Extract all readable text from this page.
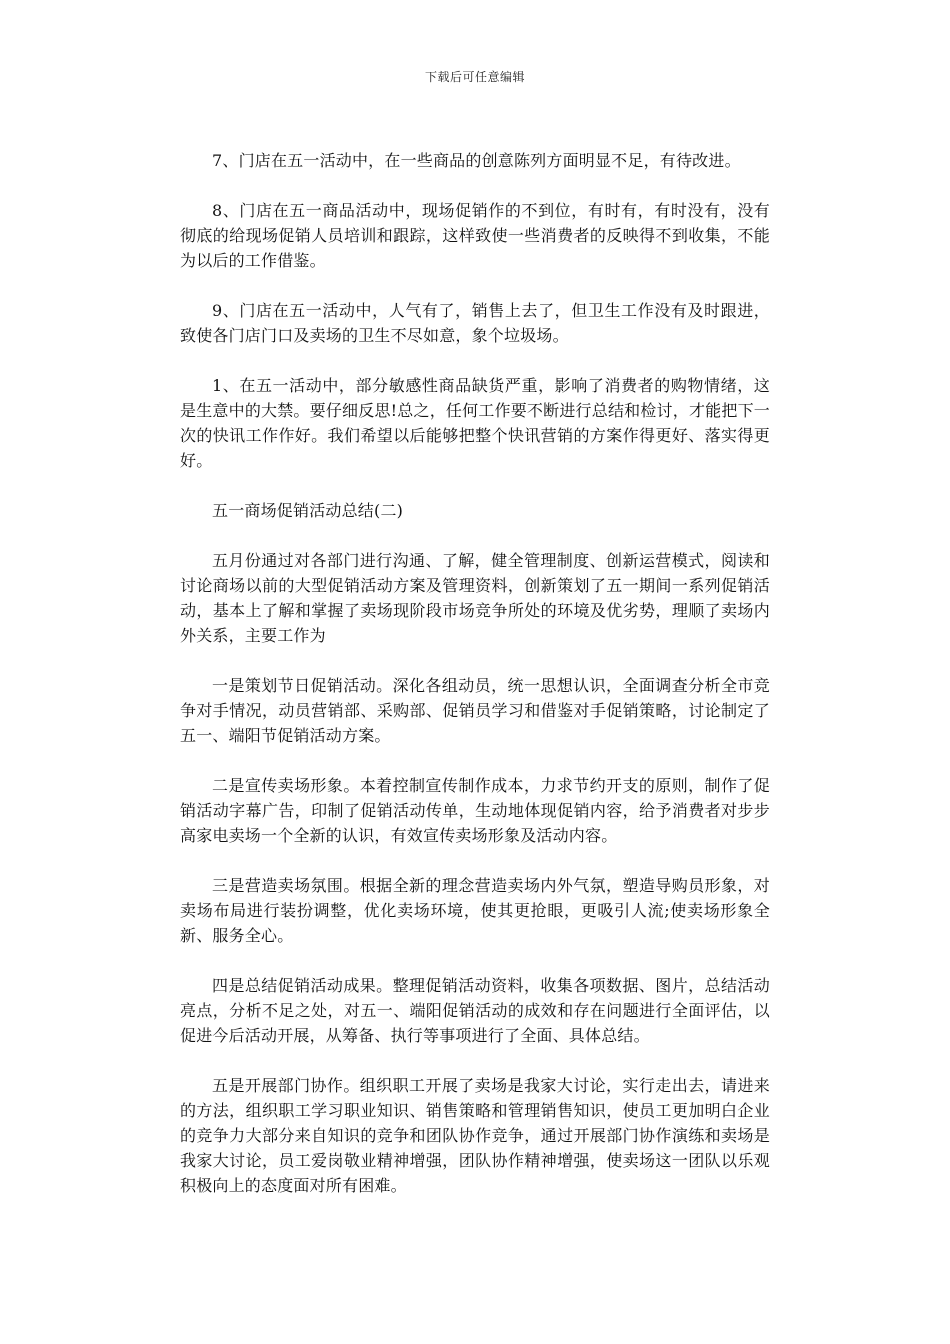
下载后可任意编辑

7、门店在五一活动中，在一些商品的创意陈列方面明显不足，有待改进。

8、门店在五一商品活动中，现场促销作的不到位，有时有，有时没有，没有彻底的给现场促销人员培训和跟踪，这样致使一些消费者的反映得不到收集，不能为以后的工作借鉴。

9、门店在五一活动中，人气有了，销售上去了，但卫生工作没有及时跟进，致使各门店门口及卖场的卫生不尽如意，象个垃圾场。

1、在五一活动中，部分敏感性商品缺货严重，影响了消费者的购物情绪，这是生意中的大禁。要仔细反思!总之，任何工作要不断进行总结和检讨，才能把下一次的快讯工作作好。我们希望以后能够把整个快讯营销的方案作得更好、落实得更好。

五一商场促销活动总结(二)

五月份通过对各部门进行沟通、了解，健全管理制度、创新运营模式，阅读和讨论商场以前的大型促销活动方案及管理资料，创新策划了五一期间一系列促销活动，基本上了解和掌握了卖场现阶段市场竞争所处的环境及优劣势，理顺了卖场内外关系，主要工作为

一是策划节日促销活动。深化各组动员，统一思想认识，全面调查分析全市竞争对手情况，动员营销部、采购部、促销员学习和借鉴对手促销策略，讨论制定了五一、端阳节促销活动方案。

二是宣传卖场形象。本着控制宣传制作成本，力求节约开支的原则，制作了促销活动字幕广告，印制了促销活动传单，生动地体现促销内容，给予消费者对步步高家电卖场一个全新的认识，有效宣传卖场形象及活动内容。

三是营造卖场氛围。根据全新的理念营造卖场内外气氛，塑造导购员形象，对卖场布局进行装扮调整，优化卖场环境，使其更抢眼，更吸引人流;使卖场形象全新、服务全心。

四是总结促销活动成果。整理促销活动资料，收集各项数据、图片，总结活动亮点，分析不足之处，对五一、端阳促销活动的成效和存在问题进行全面评估，以促进今后活动开展，从筹备、执行等事项进行了全面、具体总结。

五是开展部门协作。组织职工开展了卖场是我家大讨论，实行走出去，请进来的方法，组织职工学习职业知识、销售策略和管理销售知识，使员工更加明白企业的竞争力大部分来自知识的竞争和团队协作竞争，通过开展部门协作演练和卖场是我家大讨论，员工爱岗敬业精神增强，团队协作精神增强，使卖场这一团队以乐观积极向上的态度面对所有困难。
